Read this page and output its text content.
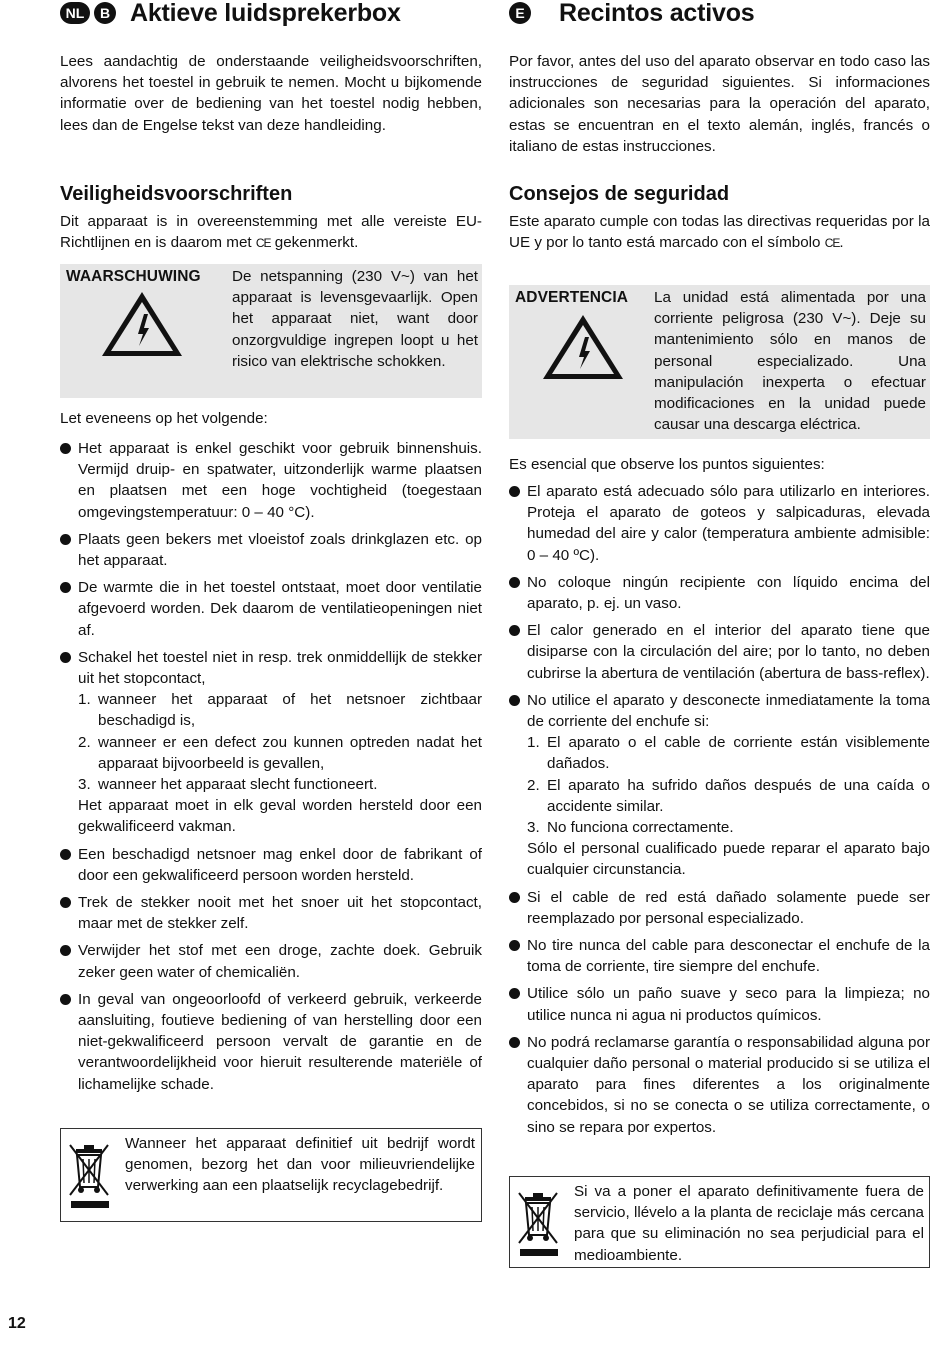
NL	B Aktieve luidsprekerbox

Lees aandachtig de onderstaande veiligheidsvoorschriften, alvorens het toestel in gebruik te nemen. Mocht u bijkomende informatie over de bediening van het toestel nodig hebben, lees dan de Engelse tekst van deze handleiding.

Veiligheidsvoorschriften

Dit apparaat is in overeenstemming met alle vereiste EU-Richtlijnen en is daarom met CE gekenmerkt.

WAARSCHUWING De netspanning (230 V~) van het apparaat is levensgevaarlijk. Open het apparaat niet, want door onzorgvuldige ingrepen loopt u het risico van elektrische schokken.

Let eveneens op het volgende:

Het apparaat is enkel geschikt voor gebruik binnenshuis. Vermijd druip- en spatwater, uitzonderlijk warme plaatsen en plaatsen met een hoge vochtigheid (toegestaan omgevingstemperatuur: 0 – 40 °C).
Plaats geen bekers met vloeistof zoals drinkglazen etc. op het apparaat.
De warmte die in het toestel ontstaat, moet door ventilatie afgevoerd worden. Dek daarom de ventilatieopeningen niet af.
Schakel het toestel niet in resp. trek onmiddellijk de stekker uit het stopcontact,
1. wanneer het apparaat of het netsnoer zichtbaar beschadigd is,
2. wanneer er een defect zou kunnen optreden nadat het apparaat bijvoorbeeld is gevallen,
3. wanneer het apparaat slecht functioneert.
Het apparaat moet in elk geval worden hersteld door een gekwalificeerd vakman.
Een beschadigd netsnoer mag enkel door de fabrikant of door een gekwalificeerd persoon worden hersteld.
Trek de stekker nooit met het snoer uit het stopcontact, maar met de stekker zelf.
Verwijder het stof met een droge, zachte doek. Gebruik zeker geen water of chemicaliën.
In geval van ongeoorloofd of verkeerd gebruik, verkeerde aansluiting, foutieve bediening of van herstelling door een niet-gekwalificeerd persoon vervalt de garantie en de verantwoordelijkheid voor hieruit resulterende materiële of lichamelijke schade.
Wanneer het apparaat definitief uit bedrijf wordt genomen, bezorg het dan voor milieuvriendelijke verwerking aan een plaatselijk recyclagebedrijf.
E Recintos activos

Por favor, antes del uso del aparato observar en todo caso las instrucciones de seguridad siguientes. Si informaciones adicionales son necesarias para la operación del aparato, estas se encuentran en el texto alemán, inglés, francés o italiano de estas instrucciones.

Consejos de seguridad

Este aparato cumple con todas las directivas requeridas por la UE y por lo tanto está marcado con el símbolo CE.

ADVERTENCIA La unidad está alimentada por una corriente peligrosa (230 V~). Deje su mantenimiento sólo en manos de personal especializado. Una manipulación inexperta o efectuar modificaciones en la unidad puede causar una descarga eléctrica.

Es esencial que observe los puntos siguientes:

El aparato está adecuado sólo para utilizarlo en interiores. Proteja el aparato de goteos y salpicaduras, elevada humedad del aire y calor (temperatura ambiente admisible: 0 – 40 ºC).
No coloque ningún recipiente con líquido encima del aparato, p. ej. un vaso.
El calor generado en el interior del aparato tiene que disiparse con la circulación del aire; por lo tanto, no deben cubrirse la abertura de ventilación (abertura de bass-reflex).
No utilice el aparato y desconecte inmediatamente la toma de corriente del enchufe si:
1. El aparato o el cable de corriente están visiblemente dañados.
2. El aparato ha sufrido daños después de una caída o accidente similar.
3. No funciona correctamente.
Sólo el personal cualificado puede reparar el aparato bajo cualquier circunstancia.
Si el cable de red está dañado solamente puede ser reemplazado por personal especializado.
No tire nunca del cable para desconectar el enchufe de la toma de corriente, tire siempre del enchufe.
Utilice sólo un paño suave y seco para la limpieza; no utilice nunca ni agua ni productos químicos.
No podrá reclamarse garantía o responsabilidad alguna por cualquier daño personal o material producido si se utiliza el aparato para fines diferentes a los originalmente concebidos, si no se conecta o se utiliza correctamente, o sino se repara por expertos.
Si va a poner el aparato definitivamente fuera de servicio, llévelo a la planta de reciclaje más cercana para que su eliminación no sea perjudicial para el medioambiente.
12
